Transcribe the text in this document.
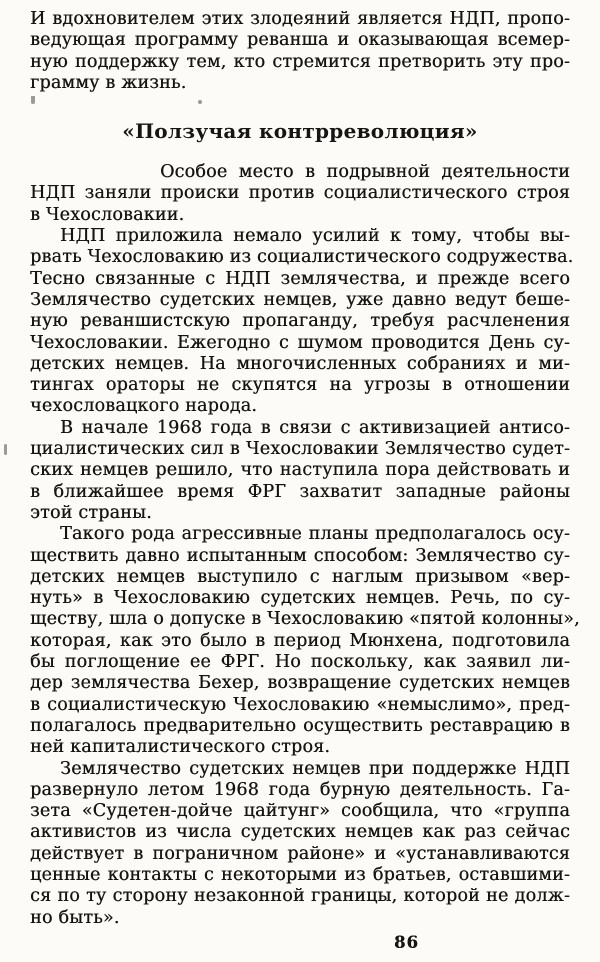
И вдохновителем этих злодеяний является НДП, пропо-
ведующая программу реванша и оказывающая всемер-
ную поддержку тем, кто стремится претворить эту про-
грамму в жизнь.
«Ползучая контрреволюция»
Особое место в подрывной деятельности
НДП заняли происки против социалистического строя
в Чехословакии.
НДП приложила немало усилий к тому, чтобы вы-
рвать Чехословакию из социалистического содружества.
Тесно связанные с НДП землячества, и прежде всего
Землячество судетских немцев, уже давно ведут беше-
ную реваншистскую пропаганду, требуя расчленения
Чехословакии. Ежегодно с шумом проводится День су-
детских немцев. На многочисленных собраниях и ми-
тингах ораторы не скупятся на угрозы в отношении
чехословацкого народа.
В начале 1968 года в связи с активизацией антисо-
циалистических сил в Чехословакии Землячество судет-
ских немцев решило, что наступила пора действовать и
в ближайшее время ФРГ захватит западные районы
этой страны.
Такого рода агрессивные планы предполагалось осу-
ществить давно испытанным способом: Землячество су-
детских немцев выступило с наглым призывом «вер-
нуть» в Чехословакию судетских немцев. Речь, по су-
ществу, шла о допуске в Чехословакию «пятой колонны»,
которая, как это было в период Мюнхена, подготовила
бы поглощение ее ФРГ. Но поскольку, как заявил ли-
дер землячества Бехер, возвращение судетских немцев
в социалистическую Чехословакию «немыслимо», пред-
полагалось предварительно осуществить реставрацию в
ней капиталистического строя.
Землячество судетских немцев при поддержке НДП
развернуло летом 1968 года бурную деятельность. Га-
зета «Судетен-дойче цайтунг» сообщила, что «группа
активистов из числа судетских немцев как раз сейчас
действует в пограничном районе» и «устанавливаются
ценные контакты с некоторыми из братьев, оставшими-
ся по ту сторону незаконной границы, которой не долж-
но быть».
86
